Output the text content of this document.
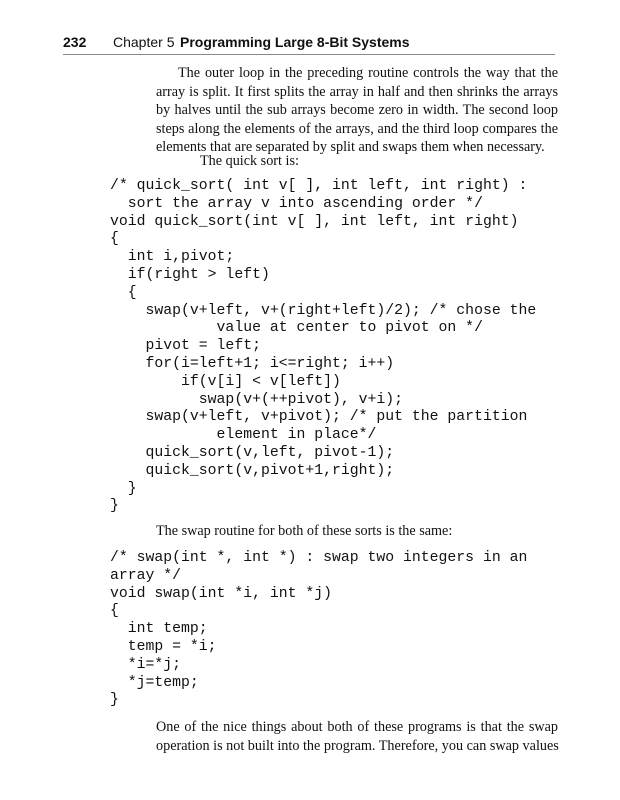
232 Chapter 5 Programming Large 8-Bit Systems
The outer loop in the preceding routine controls the way that the
array is split. It first splits the array in half and then shrinks the arrays
by halves until the sub arrays become zero in width. The second loop
steps along the elements of the arrays, and the third loop compares the
elements that are separated by split and swaps them when necessary.
The quick sort is:
/* quick_sort( int v[ ], int left, int right) :
sort the array v into ascending order */
void quick_sort(int v[ ], int left, int right)
{
int i,pivot;
if(right > left)
{
swap(v+left, v+(right+left)/2); /* chose the
value at center to pivot on */
pivot = left;
for(i=left+1; i<=right; i++)
if(v[i] < v[left])
swap(v+(++pivot), v+i);
swap(v+left, v+pivot); /* put the partition
element in place*/
quick_sort(v,left, pivot-1);
quick_sort(v,pivot+1,right);
}
}
The swap routine for both of these sorts is the same:
/* swap(int *, int *) : swap two integers in an
array */
void swap(int *i, int *j)
{
int temp;
temp = *i;
*i=*j;
*j=temp;
}
One of the nice things about both of these programs is that the swap
operation is not built into the program. Therefore, you can swap values
